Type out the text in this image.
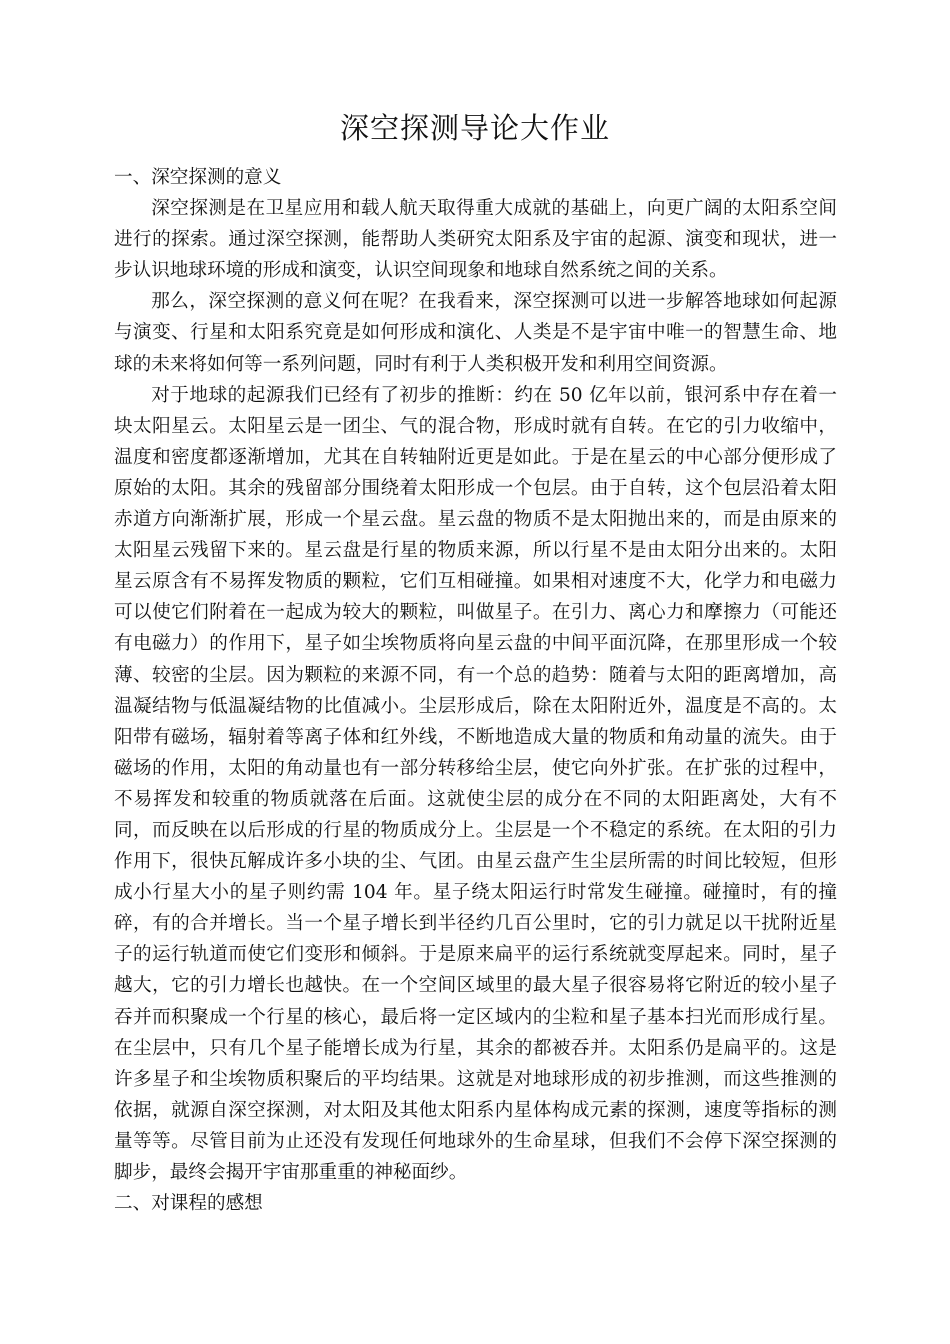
深空探测导论大作业

一、深空探测的意义

深空探测是在卫星应用和载人航天取得重大成就的基础上，向更广阔的太阳系空间进行的探索。通过深空探测，能帮助人类研究太阳系及宇宙的起源、演变和现状，进一步认识地球环境的形成和演变，认识空间现象和地球自然系统之间的关系。

那么，深空探测的意义何在呢？在我看来，深空探测可以进一步解答地球如何起源与演变、行星和太阳系究竟是如何形成和演化、人类是不是宇宙中唯一的智慧生命、地球的未来将如何等一系列问题，同时有利于人类积极开发和利用空间资源。

对于地球的起源我们已经有了初步的推断：约在 50 亿年以前，银河系中存在着一块太阳星云。太阳星云是一团尘、气的混合物，形成时就有自转。在它的引力收缩中，温度和密度都逐渐增加，尤其在自转轴附近更是如此。于是在星云的中心部分便形成了原始的太阳。其余的残留部分围绕着太阳形成一个包层。由于自转，这个包层沿着太阳赤道方向渐渐扩展，形成一个星云盘。星云盘的物质不是太阳抛出来的，而是由原来的太阳星云残留下来的。星云盘是行星的物质来源，所以行星不是由太阳分出来的。太阳星云原含有不易挥发物质的颗粒，它们互相碰撞。如果相对速度不大，化学力和电磁力可以使它们附着在一起成为较大的颗粒，叫做星子。在引力、离心力和摩擦力（可能还有电磁力）的作用下，星子如尘埃物质将向星云盘的中间平面沉降，在那里形成一个较薄、较密的尘层。因为颗粒的来源不同，有一个总的趋势：随着与太阳的距离增加，高温凝结物与低温凝结物的比值减小。尘层形成后，除在太阳附近外，温度是不高的。太阳带有磁场，辐射着等离子体和红外线，不断地造成大量的物质和角动量的流失。由于磁场的作用，太阳的角动量也有一部分转移给尘层，使它向外扩张。在扩张的过程中，不易挥发和较重的物质就落在后面。这就使尘层的成分在不同的太阳距离处，大有不同，而反映在以后形成的行星的物质成分上。尘层是一个不稳定的系统。在太阳的引力作用下，很快瓦解成许多小块的尘、气团。由星云盘产生尘层所需的时间比较短，但形成小行星大小的星子则约需 104 年。星子绕太阳运行时常发生碰撞。碰撞时，有的撞碎，有的合并增长。当一个星子增长到半径约几百公里时，它的引力就足以干扰附近星子的运行轨道而使它们变形和倾斜。于是原来扁平的运行系统就变厚起来。同时，星子越大，它的引力增长也越快。在一个空间区域里的最大星子很容易将它附近的较小星子吞并而积聚成一个行星的核心，最后将一定区域内的尘粒和星子基本扫光而形成行星。在尘层中，只有几个星子能增长成为行星，其余的都被吞并。太阳系仍是扁平的。这是许多星子和尘埃物质积聚后的平均结果。这就是对地球形成的初步推测，而这些推测的依据，就源自深空探测，对太阳及其他太阳系内星体构成元素的探测，速度等指标的测量等等。尽管目前为止还没有发现任何地球外的生命星球，但我们不会停下深空探测的脚步，最终会揭开宇宙那重重的神秘面纱。

二、对课程的感想
